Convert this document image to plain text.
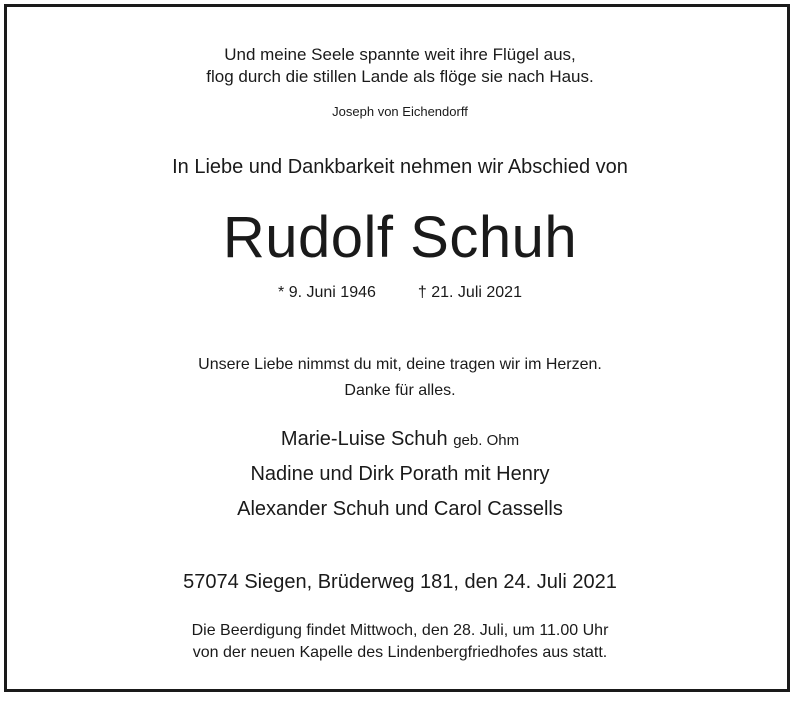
Und meine Seele spannte weit ihre Flügel aus,
flog durch die stillen Lande als flöge sie nach Haus.
Joseph von Eichendorff
In Liebe und Dankbarkeit nehmen wir Abschied von
Rudolf Schuh
* 9. Juni 1946	† 21. Juli 2021
Unsere Liebe nimmst du mit, deine tragen wir im Herzen.
Danke für alles.
Marie-Luise Schuh geb. Ohm
Nadine und Dirk Porath mit Henry
Alexander Schuh und Carol Cassells
57074 Siegen, Brüderweg 181, den 24. Juli 2021
Die Beerdigung findet Mittwoch, den 28. Juli, um 11.00 Uhr
von der neuen Kapelle des Lindenbergfriedhofes aus statt.
